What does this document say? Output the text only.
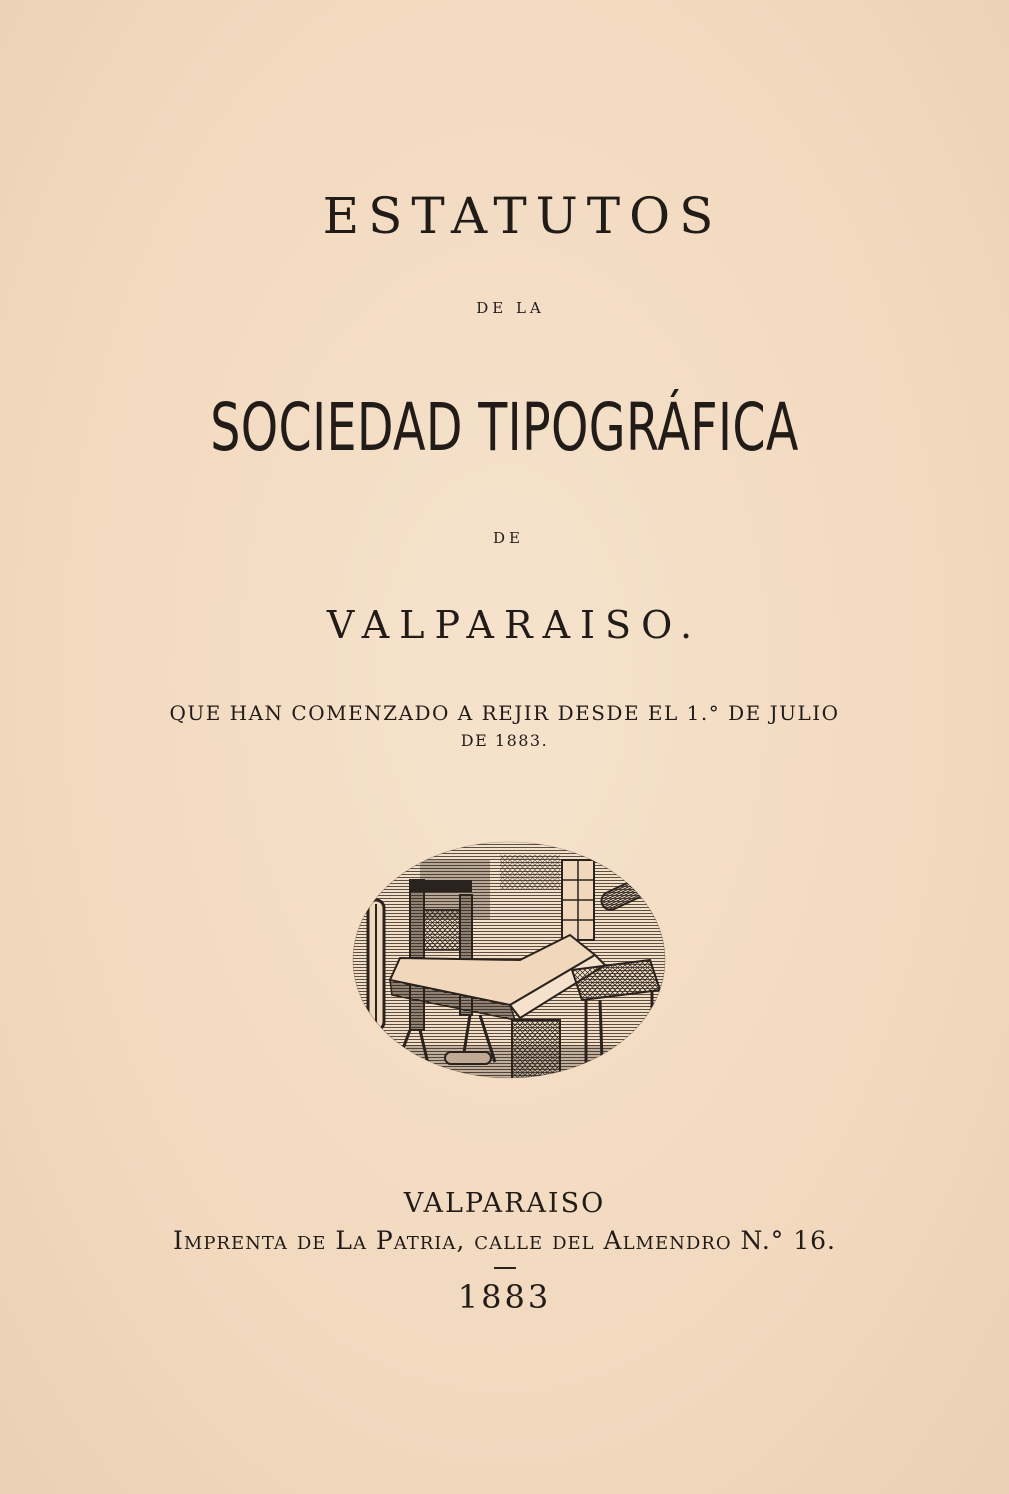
ESTATUTOS
DE LA
SOCIEDAD TIPOGRÁFICA
DE
VALPARAISO.
QUE HAN COMENZADO A REJIR DESDE EL 1.° DE JULIO
DE 1883.
VALPARAISO
Imprenta de La Patria, calle del Almendro N.° 16.
1883
